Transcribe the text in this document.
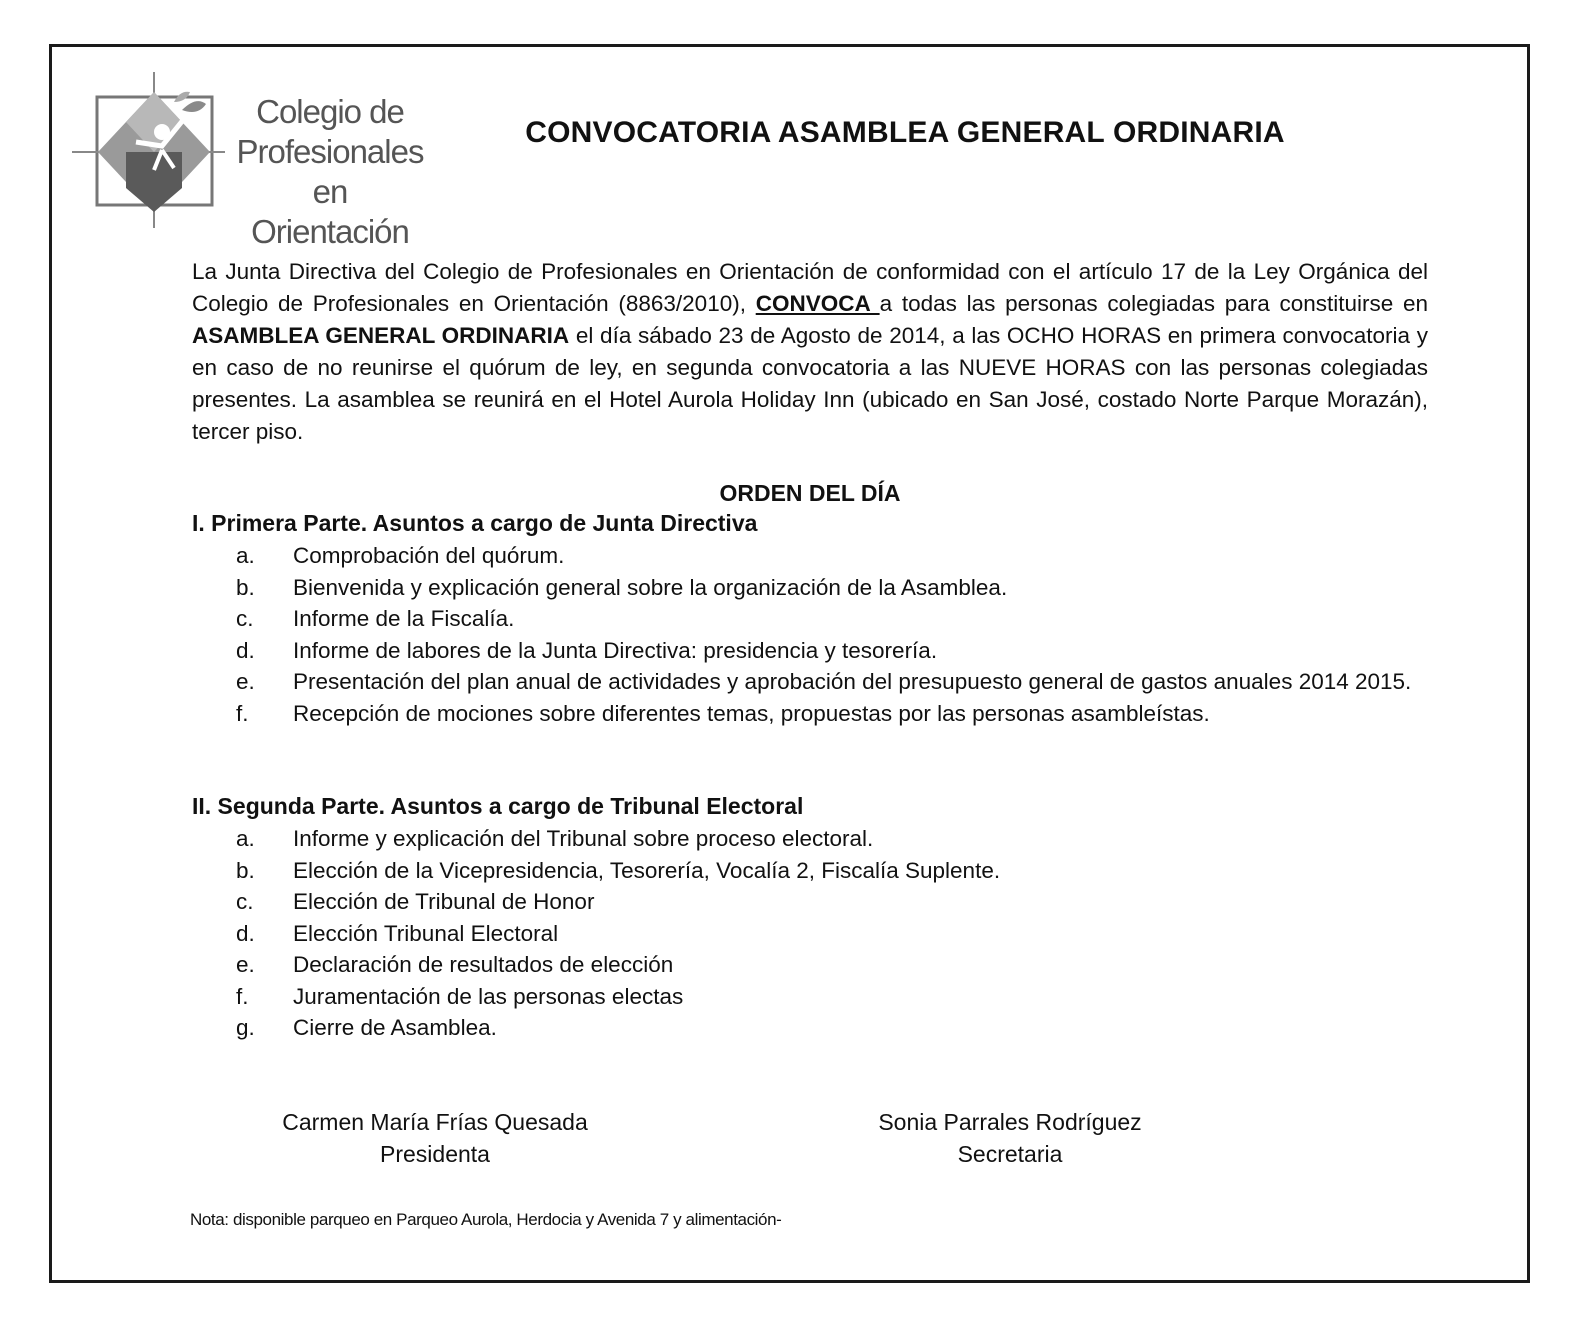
Colegio de
Profesionales
en Orientación
CONVOCATORIA ASAMBLEA GENERAL ORDINARIA
La Junta Directiva del Colegio de Profesionales en Orientación de conformidad con el artículo 17 de la Ley Orgánica del Colegio de Profesionales en Orientación (8863/2010), CONVOCA a todas las personas colegiadas para constituirse en ASAMBLEA GENERAL ORDINARIA el día sábado 23 de Agosto de 2014, a las OCHO HORAS en primera convocatoria y en caso de no reunirse el quórum de ley, en segunda convocatoria a las NUEVE HORAS con las personas colegiadas presentes. La asamblea se reunirá en el Hotel Aurola Holiday Inn (ubicado en San José, costado Norte Parque Morazán), tercer piso.
ORDEN DEL DÍA
I. Primera Parte. Asuntos a cargo de Junta Directiva
a.	Comprobación del quórum.
b.	Bienvenida y explicación general sobre la organización de la Asamblea.
c.	Informe de la Fiscalía.
d.	Informe de labores de la Junta Directiva: presidencia y tesorería.
e.	Presentación del plan anual de actividades y aprobación del presupuesto general de gastos anuales 2014 2015.
f.	Recepción de mociones sobre diferentes temas, propuestas por las personas asambleístas.
II. Segunda Parte. Asuntos a cargo de Tribunal Electoral
a.	Informe y explicación del Tribunal sobre proceso electoral.
b.	Elección de la Vicepresidencia, Tesorería, Vocalía 2, Fiscalía Suplente.
c.	Elección de Tribunal de Honor
d.	Elección Tribunal Electoral
e.	Declaración de resultados de elección
f.	Juramentación de las personas electas
g.	Cierre de Asamblea.
Carmen María Frías Quesada
Presidenta
Sonia Parrales Rodríguez
Secretaria
Nota: disponible parqueo en Parqueo Aurola, Herdocia y Avenida 7 y alimentación-
